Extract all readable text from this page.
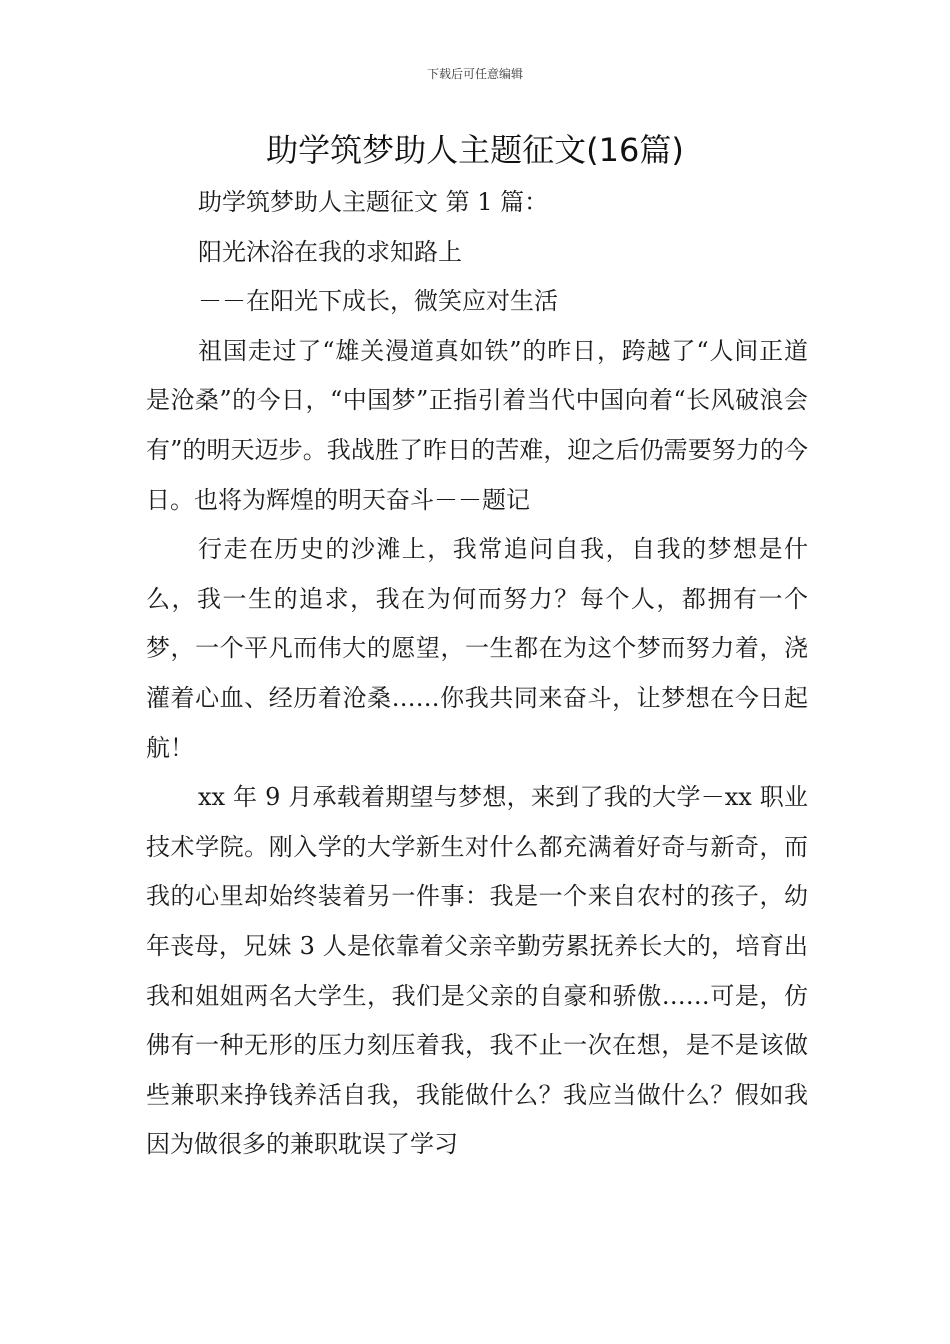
下载后可任意编辑
助学筑梦助人主题征文(16篇)

助学筑梦助人主题征文 第 1 篇：

阳光沐浴在我的求知路上

－－在阳光下成长，微笑应对生活

祖国走过了“雄关漫道真如铁”的昨日，跨越了“人间正道是沧桑”的今日，“中国梦”正指引着当代中国向着“长风破浪会有”的明天迈步。我战胜了昨日的苦难，迎之后仍需要努力的今日。也将为辉煌的明天奋斗－－题记

行走在历史的沙滩上，我常追问自我，自我的梦想是什么，我一生的追求，我在为何而努力？每个人，都拥有一个梦，一个平凡而伟大的愿望，一生都在为这个梦而努力着，浇灌着心血、经历着沧桑……你我共同来奋斗，让梦想在今日起航！

xx 年 9 月承载着期望与梦想，来到了我的大学－xx 职业技术学院。刚入学的大学新生对什么都充满着好奇与新奇，而我的心里却始终装着另一件事：我是一个来自农村的孩子，幼年丧母，兄妹 3 人是依靠着父亲辛勤劳累抚养长大的，培育出我和姐姐两名大学生，我们是父亲的自豪和骄傲……可是，仿佛有一种无形的压力刻压着我，我不止一次在想，是不是该做些兼职来挣钱养活自我，我能做什么？我应当做什么？假如我因为做很多的兼职耽误了学习
